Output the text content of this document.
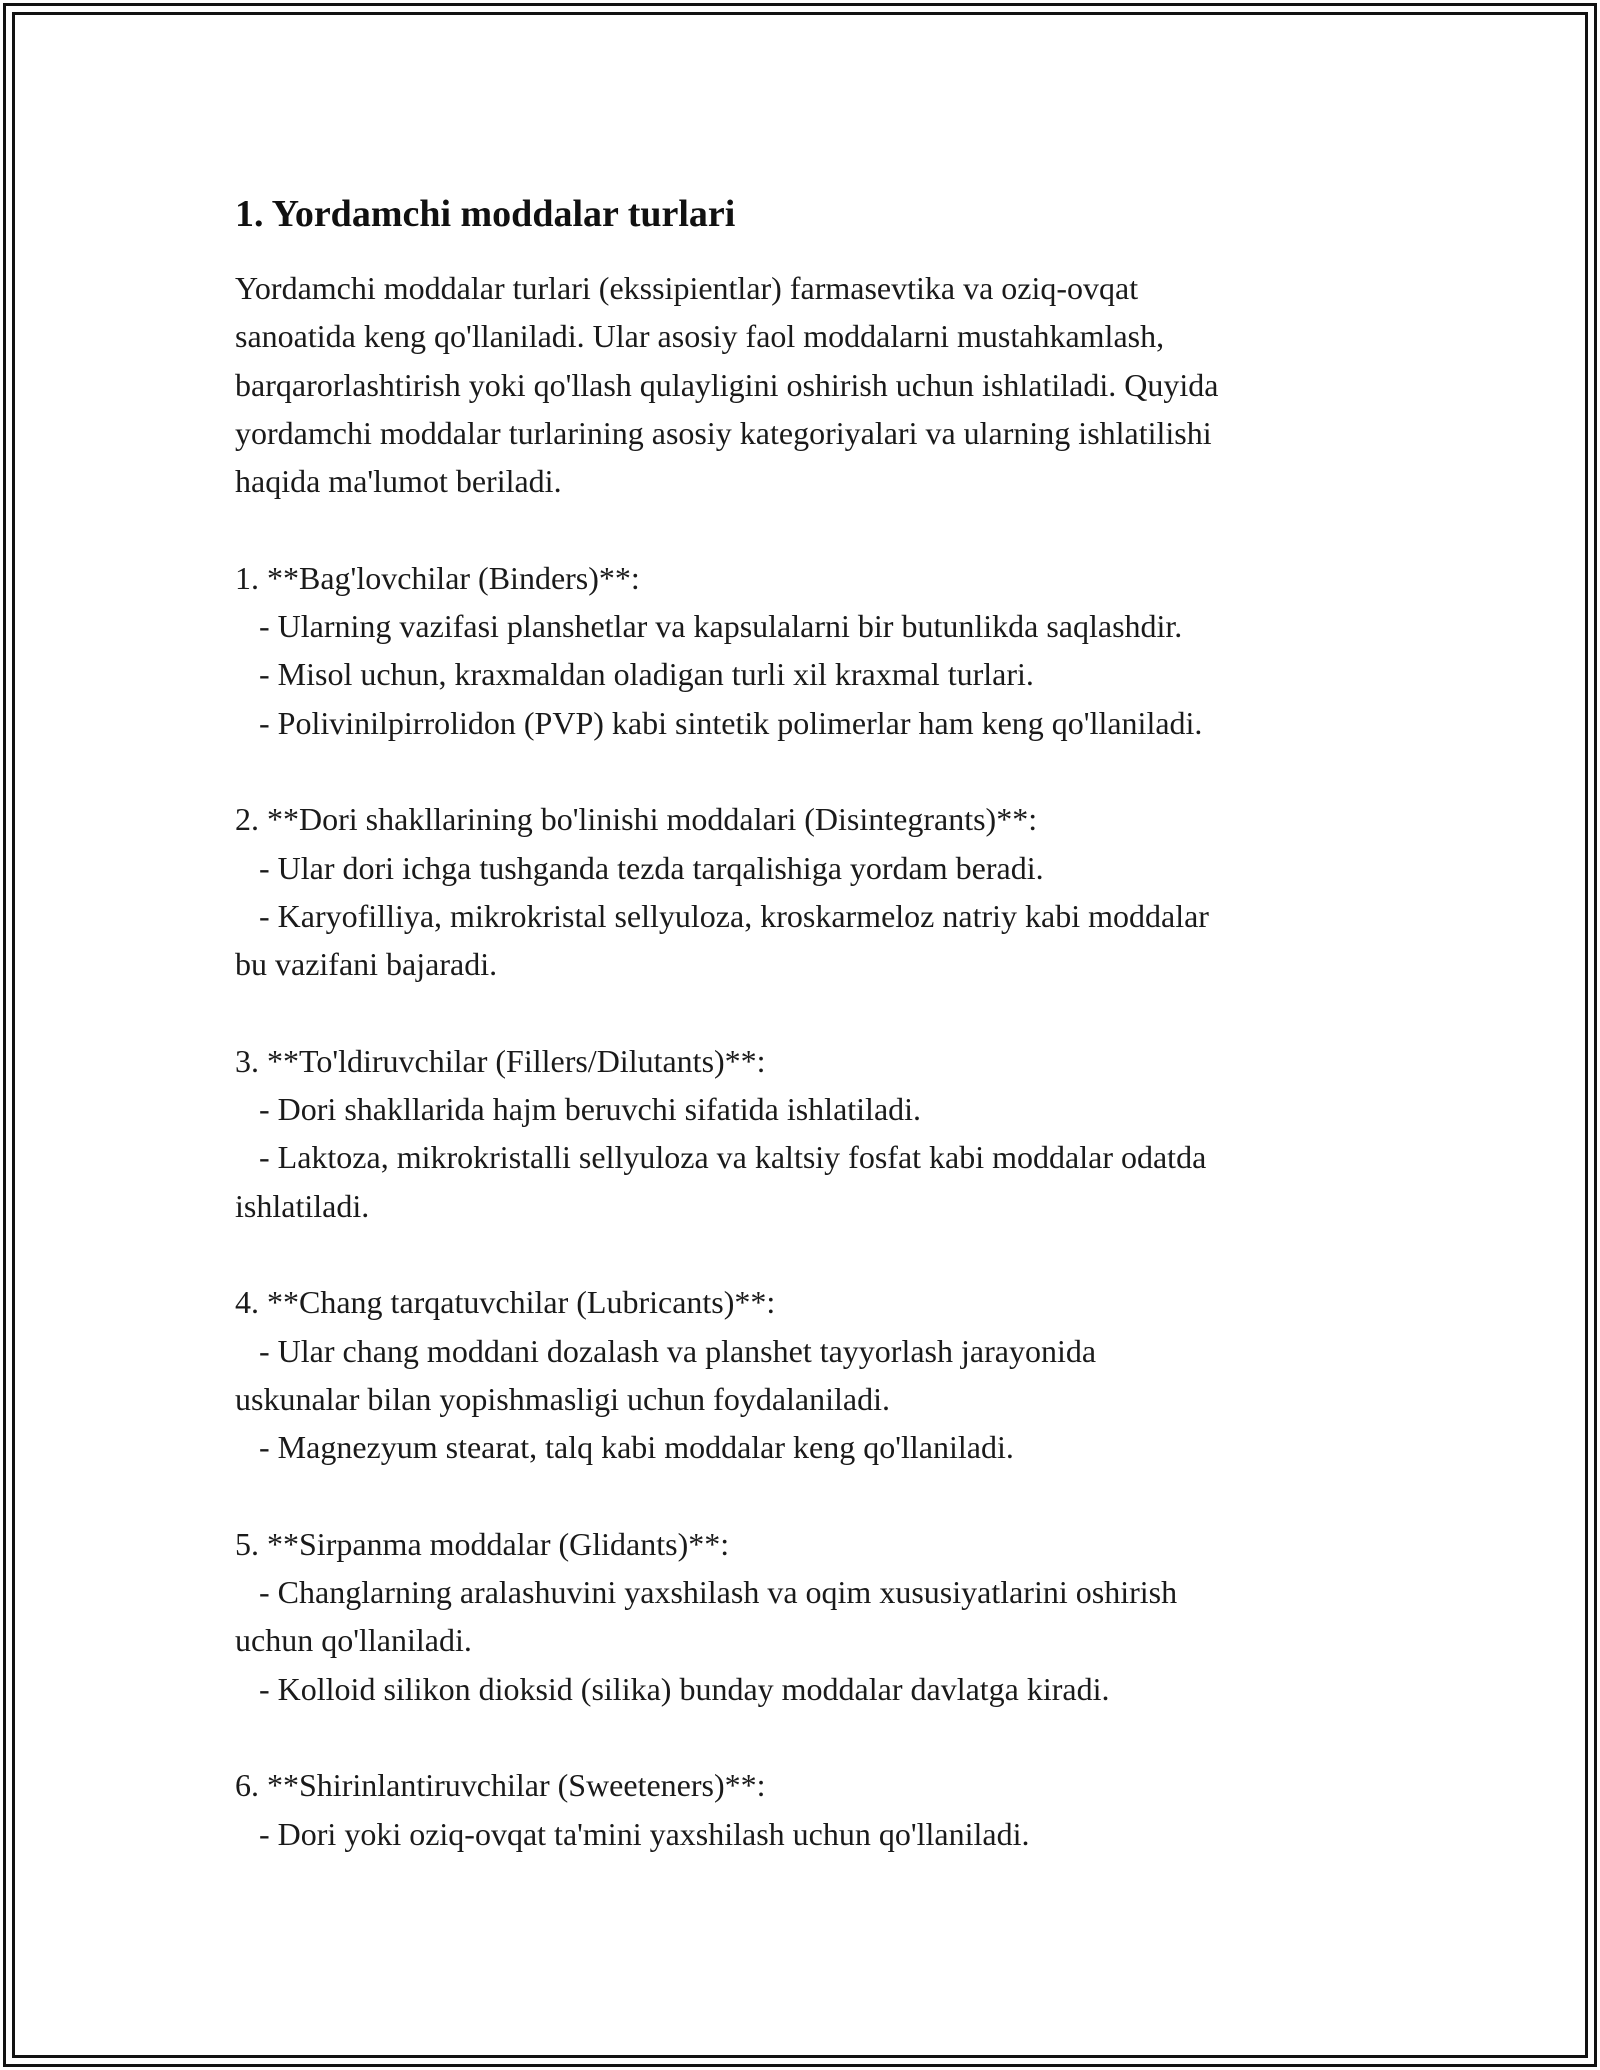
1. Yordamchi moddalar turlari

Yordamchi moddalar turlari (ekssipientlar) farmasevtika va oziq-ovqat
sanoatida keng qo'llaniladi. Ular asosiy faol moddalarni mustahkamlash,
barqarorlashtirish yoki qo'llash qulayligini oshirish uchun ishlatiladi. Quyida
yordamchi moddalar turlarining asosiy kategoriyalari va ularning ishlatilishi
haqida ma'lumot beriladi.

1. **Bag'lovchilar (Binders)**:
- Ularning vazifasi planshetlar va kapsulalarni bir butunlikda saqlashdir.
- Misol uchun, kraxmaldan oladigan turli xil kraxmal turlari.
- Polivinilpirrolidon (PVP) kabi sintetik polimerlar ham keng qo'llaniladi.

2. **Dori shakllarining bo'linishi moddalari (Disintegrants)**:
- Ular dori ichga tushganda tezda tarqalishiga yordam beradi.
- Karyofilliya, mikrokristal sellyuloza, kroskarmeloz natriy kabi moddalar
bu vazifani bajaradi.

3. **To'ldiruvchilar (Fillers/Dilutants)**:
- Dori shakllarida hajm beruvchi sifatida ishlatiladi.
- Laktoza, mikrokristalli sellyuloza va kaltsiy fosfat kabi moddalar odatda
ishlatiladi.

4. **Chang tarqatuvchilar (Lubricants)**:
- Ular chang moddani dozalash va planshet tayyorlash jarayonida
uskunalar bilan yopishmasligi uchun foydalaniladi.
- Magnezyum stearat, talq kabi moddalar keng qo'llaniladi.

5. **Sirpanma moddalar (Glidants)**:
- Changlarning aralashuvini yaxshilash va oqim xususiyatlarini oshirish
uchun qo'llaniladi.
- Kolloid silikon dioksid (silika) bunday moddalar davlatga kiradi.

6. **Shirinlantiruvchilar (Sweeteners)**:
- Dori yoki oziq-ovqat ta'mini yaxshilash uchun qo'llaniladi.
